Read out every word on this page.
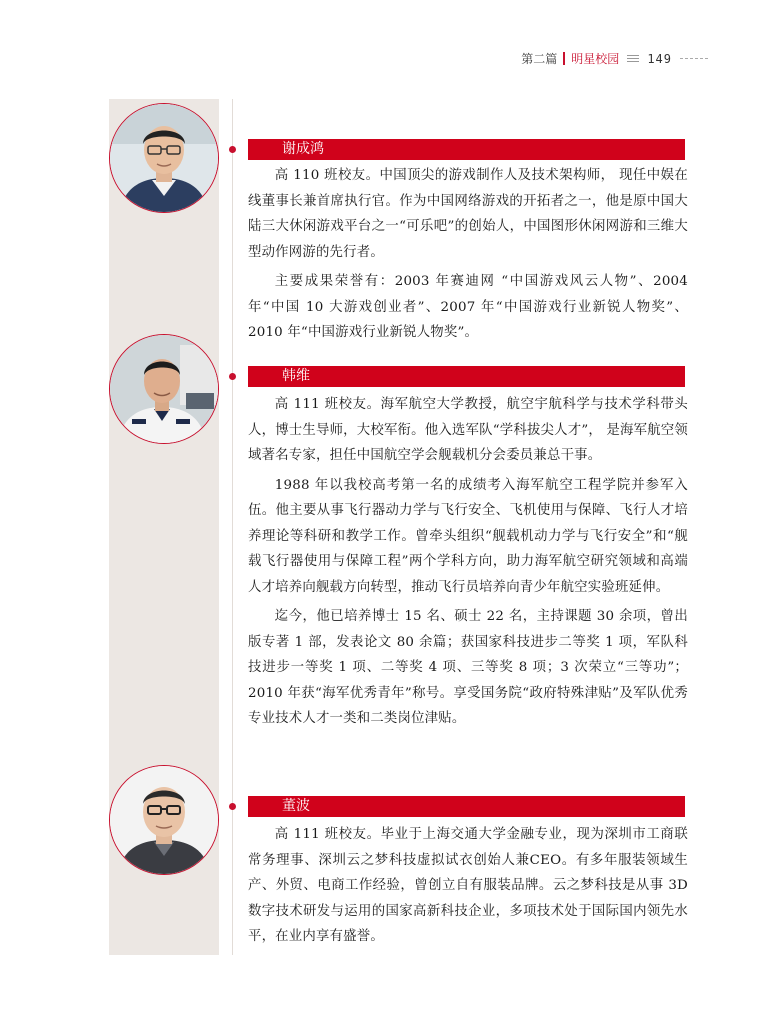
第二篇 明星校园 149
谢成鸿

高 110 班校友。中国顶尖的游戏制作人及技术架构师， 现任中娱在线董事长兼首席执行官。作为中国网络游戏的开拓者之一，他是原中国大陆三大休闲游戏平台之一“可乐吧”的创始人，中国图形休闲网游和三维大型动作网游的先行者。

主要成果荣誉有：2003 年赛迪网 “中国游戏风云人物”、2004 年“中国 10 大游戏创业者”、2007 年“中国游戏行业新锐人物奖”、2010 年“中国游戏行业新锐人物奖”。

韩维

高 111 班校友。海军航空大学教授，航空宇航科学与技术学科带头人，博士生导师，大校军衔。他入选军队“学科拔尖人才”， 是海军航空领域著名专家，担任中国航空学会舰载机分会委员兼总干事。

1988 年以我校高考第一名的成绩考入海军航空工程学院并参军入伍。他主要从事飞行器动力学与飞行安全、飞机使用与保障、飞行人才培养理论等科研和教学工作。曾牵头组织“舰载机动力学与飞行安全”和“舰载飞行器使用与保障工程”两个学科方向，助力海军航空研究领域和高端人才培养向舰载方向转型，推动飞行员培养向青少年航空实验班延伸。

迄今，他已培养博士 15 名、硕士 22 名，主持课题 30 余项，曾出版专著 1 部，发表论文 80 余篇；获国家科技进步二等奖 1 项，军队科技进步一等奖 1 项、二等奖 4 项、三等奖 8 项；3 次荣立“三等功”；2010 年获“海军优秀青年”称号。享受国务院“政府特殊津贴”及军队优秀专业技术人才一类和二类岗位津贴。

董波

高 111 班校友。毕业于上海交通大学金融专业，现为深圳市工商联常务理事、深圳云之梦科技虚拟试衣创始人兼CEO。有多年服装领域生产、外贸、电商工作经验，曾创立自有服装品牌。云之梦科技是从事 3D 数字技术研发与运用的国家高新科技企业，多项技术处于国际国内领先水平，在业内享有盛誉。
